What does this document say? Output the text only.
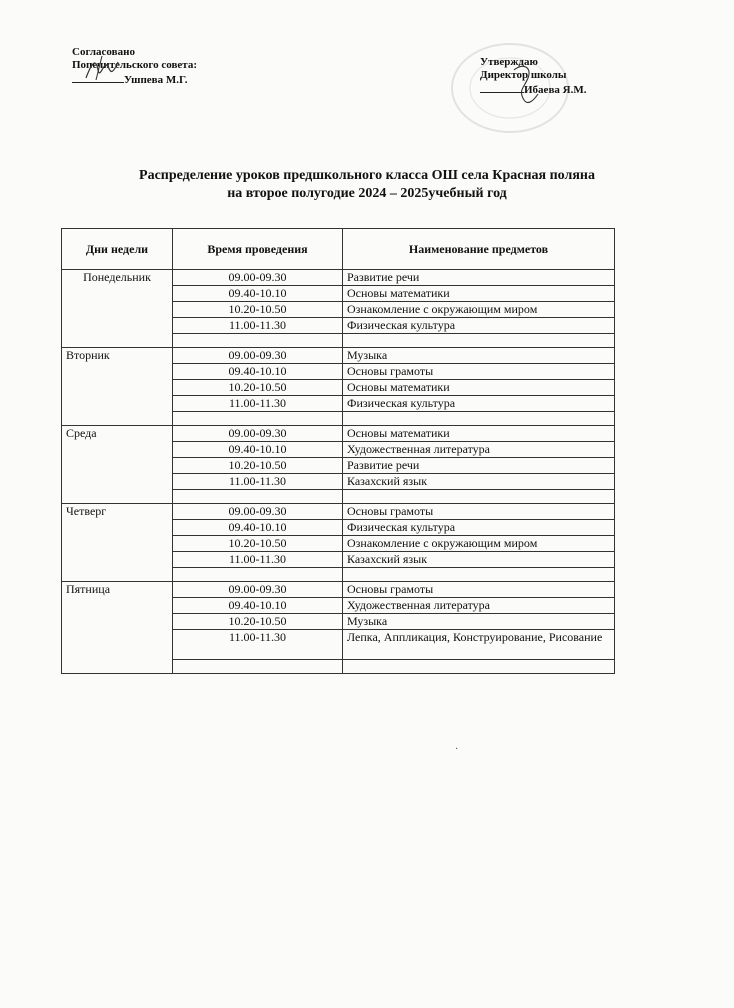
Согласовано
Попечительского совета:
Ушпева М.Г.
Утверждаю
Директор школы
Ибаева Я.М.
Распределение уроков предшкольного класса ОШ села Красная поляна
на второе полугодие 2024 – 2025учебный год
Дни недели	Время проведения	Наименование предметов
Понедельник	09.00-09.30	Развитие речи
	09.40-10.10	Основы математики
	10.20-10.50	Ознакомление с окружающим миром
	11.00-11.30	Физическая культура

Вторник	09.00-09.30	Музыка
	09.40-10.10	Основы грамоты
	10.20-10.50	Основы математики
	11.00-11.30	Физическая культура

Среда	09.00-09.30	Основы математики
	09.40-10.10	Художественная литература
	10.20-10.50	Развитие речи
	11.00-11.30	Казахский язык

Четверг	09.00-09.30	Основы грамоты
	09.40-10.10	Физическая культура
	10.20-10.50	Ознакомление с окружающим миром
	11.00-11.30	Казахский язык

Пятница	09.00-09.30	Основы грамоты
	09.40-10.10	Художественная литература
	10.20-10.50	Музыка
	11.00-11.30	Лепка, Аппликация, Конструирование, Рисование

·
